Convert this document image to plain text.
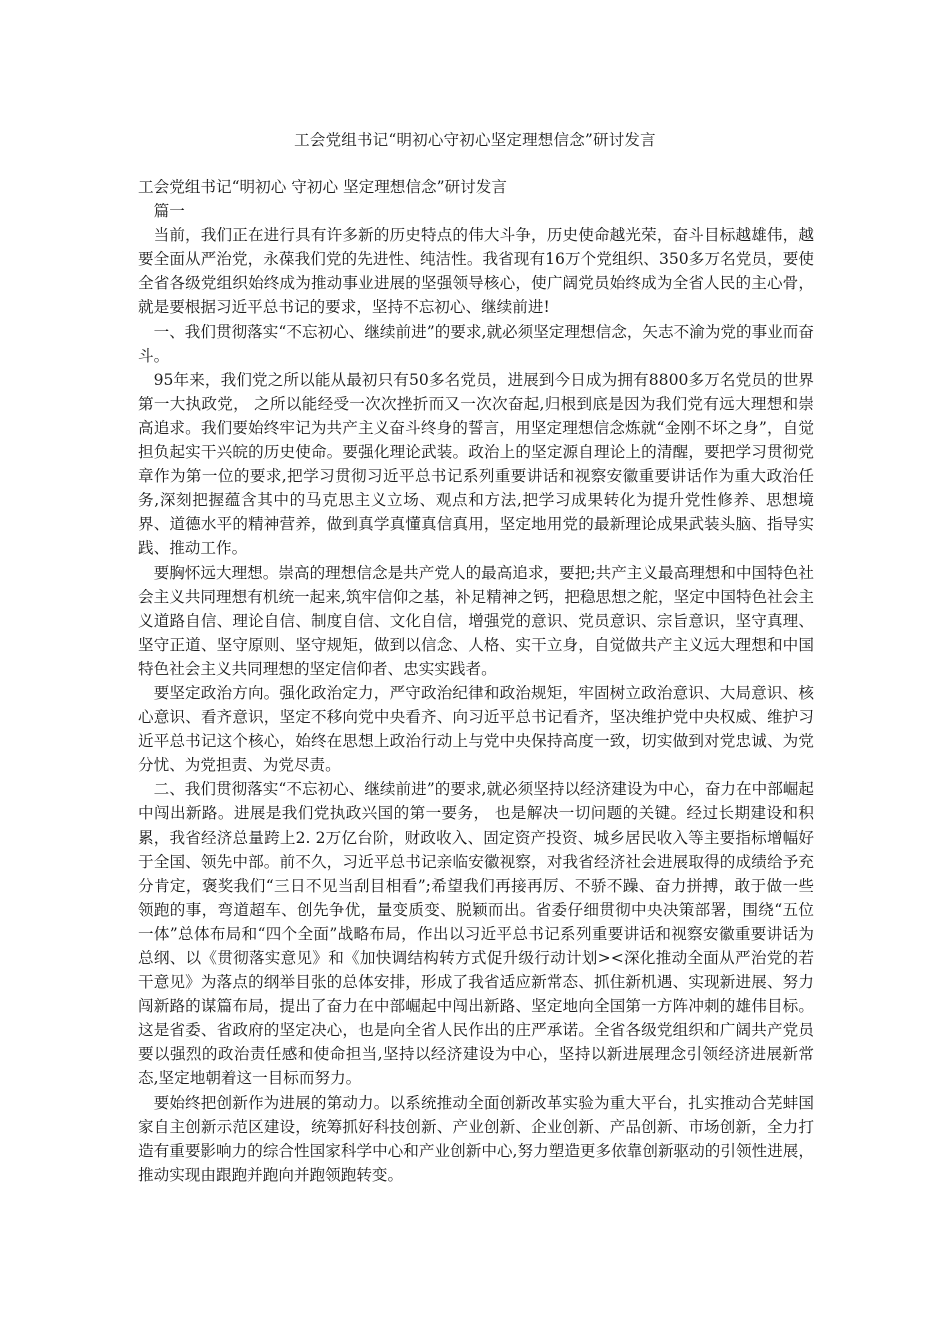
工会党组书记“明初心守初心坚定理想信念”研讨发言

工会党组书记“明初心 守初心 坚定理想信念”研讨发言

篇一

当前，我们正在进行具有许多新的历史特点的伟大斗争，历史使命越光荣，奋斗目标越雄伟，越要全面从严治党，永葆我们党的先进性、纯洁性。我省现有16万个党组织、350多万名党员，要使全省各级党组织始终成为推动事业进展的坚强领导核心，使广阔党员始终成为全省人民的主心骨，就是要根据习近平总书记的要求，坚持不忘初心、继续前进!

一、我们贯彻落实“不忘初心、继续前进”的要求,就必须坚定理想信念，矢志不渝为党的事业而奋斗。

95年来，我们党之所以能从最初只有50多名党员，进展到今日成为拥有8800多万名党员的世界第一大执政党， 之所以能经受一次次挫折而又一次次奋起,归根到底是因为我们党有远大理想和崇高追求。我们要始终牢记为共产主义奋斗终身的誓言，用坚定理想信念炼就“金刚不坏之身”，自觉担负起实干兴皖的历史使命。要强化理论武装。政治上的坚定源自理论上的清醒，要把学习贯彻党章作为第一位的要求,把学习贯彻习近平总书记系列重要讲话和视察安徽重要讲话作为重大政治任务,深刻把握蕴含其中的马克思主义立场、观点和方法,把学习成果转化为提升党性修养、思想境界、道德水平的精神营养，做到真学真懂真信真用，坚定地用党的最新理论成果武装头脑、指导实践、推动工作。

要胸怀远大理想。崇高的理想信念是共产党人的最高追求，要把;共产主义最高理想和中国特色社会主义共同理想有机统一起来,筑牢信仰之基，补足精神之钙，把稳思想之舵，坚定中国特色社会主义道路自信、理论自信、制度自信、文化自信，增强党的意识、党员意识、宗旨意识，坚守真理、坚守正道、坚守原则、坚守规矩，做到以信念、人格、实干立身，自觉做共产主义远大理想和中国特色社会主义共同理想的坚定信仰者、忠实实践者。

要坚定政治方向。强化政治定力，严守政治纪律和政治规矩，牢固树立政治意识、大局意识、核心意识、看齐意识，坚定不移向党中央看齐、向习近平总书记看齐，坚决维护党中央权威、维护习近平总书记这个核心，始终在思想上政治行动上与党中央保持高度一致，切实做到对党忠诚、为党分忧、为党担责、为党尽责。

二、我们贯彻落实“不忘初心、继续前进”的要求,就必须坚持以经济建设为中心，奋力在中部崛起中闯出新路。进展是我们党执政兴国的第一要务， 也是解决一切问题的关键。经过长期建设和积累，我省经济总量跨上2. 2万亿台阶，财政收入、固定资产投资、城乡居民收入等主要指标增幅好于全国、领先中部。前不久，习近平总书记亲临安徽视察，对我省经济社会进展取得的成绩给予充分肯定，褒奖我们“三日不见当刮目相看”;希望我们再接再厉、不骄不躁、奋力拼搏，敢于做一些领跑的事，弯道超车、创先争优，量变质变、脱颖而出。省委仔细贯彻中央决策部署，围绕“五位一体”总体布局和“四个全面”战略布局，作出以习近平总书记系列重要讲话和视察安徽重要讲话为总纲、以《贯彻落实意见》和《加快调结构转方式促升级行动计划><深化推动全面从严治党的若干意见》为落点的纲举目张的总体安排，形成了我省适应新常态、抓住新机遇、实现新进展、努力闯新路的谋篇布局，提出了奋力在中部崛起中闯出新路、坚定地向全国第一方阵冲刺的雄伟目标。这是省委、省政府的坚定决心，也是向全省人民作出的庄严承诺。全省各级党组织和广阔共产党员要以强烈的政治责任感和使命担当,坚持以经济建设为中心，坚持以新进展理念引领经济进展新常态,坚定地朝着这一目标而努力。

要始终把创新作为进展的第动力。以系统推动全面创新改革实验为重大平台，扎实推动合芜蚌国家自主创新示范区建设，统筹抓好科技创新、产业创新、企业创新、产品创新、市场创新，全力打造有重要影响力的综合性国家科学中心和产业创新中心,努力塑造更多依靠创新驱动的引领性进展，推动实现由跟跑并跑向并跑领跑转变。
